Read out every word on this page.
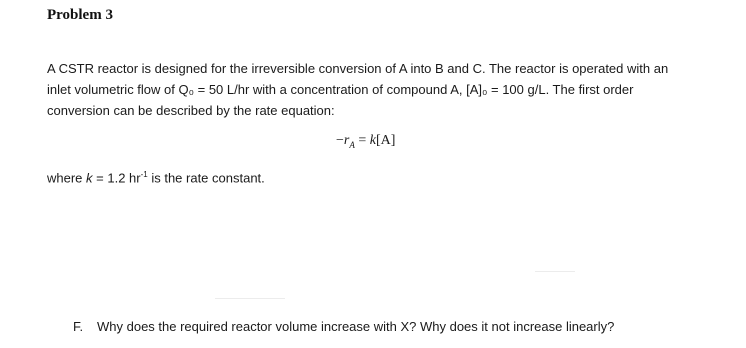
Problem 3

A CSTR reactor is designed for the irreversible conversion of A into B and C. The reactor is operated with an
inlet volumetric flow of Q₀ = 50 L/hr with a concentration of compound A, [A]₀ = 100 g/L. The first order
conversion can be described by the rate equation:

$-r_A = k[A]$
where k = 1.2 $hr^{-1}$ is the rate constant.
F. Why does the required reactor volume increase with X? Why does it not increase linearly?
